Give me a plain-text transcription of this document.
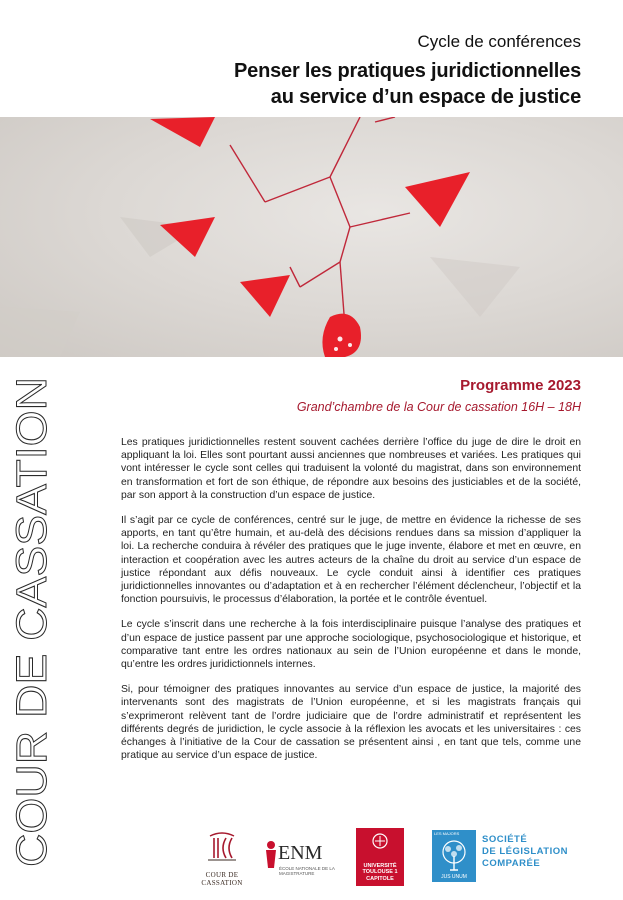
Cycle de conférences

Penser les pratiques juridictionnelles

au service d’un espace de justice

COUR DE CASSATION

Programme 2023

Grand’chambre de la Cour de cassation 16H – 18H

Les pratiques juridictionnelles restent souvent cachées derrière l’office du juge de dire le droit en appliquant la loi. Elles sont pourtant aussi anciennes que nombreuses et variées. Les pratiques qui vont intéresser le cycle sont celles qui traduisent la volonté du magistrat, dans son environnement en transformation et fort de son éthique, de répondre aux besoins des justiciables et de la société, par son apport à la construction d’un espace de justice.

Il s’agit par ce cycle de conférences, centré sur le juge, de mettre en évidence la richesse de ses apports, en tant qu’être humain, et au-delà des décisions rendues dans sa mission d’appliquer la loi. La recherche conduira à révéler des pratiques que le juge invente, élabore et met en œuvre, en interaction et coopération avec les autres acteurs de la chaîne du droit au service d’un espace de justice répondant aux défis nouveaux. Le cycle conduit ainsi à identifier ces pratiques juridictionnelles innovantes ou d’adaptation et à en rechercher l’élément déclencheur, l’objectif et la fonction poursuivis, le processus d’élaboration, la portée et le contrôle éventuel.

Le cycle s’inscrit dans une recherche à la fois interdisciplinaire puisque l’analyse des pratiques et d’un espace de justice passent par une approche sociologique, psychosociologique et historique, et comparative tant entre les ordres nationaux au sein de l’Union européenne et dans le monde, qu’entre les ordres juridictionnels internes.

Si, pour témoigner des pratiques innovantes au service d’un espace de justice, la majorité des intervenants sont des magistrats de l’Union européenne, et si les magistrats français qui s’exprimeront relèvent tant de l’ordre judiciaire que de l’ordre administratif et représentent les différents degrés de juridiction, le cycle associe à la réflexion les avocats et les universitaires : ces échanges à l’initiative de la Cour de cassation se présentent ainsi , en tant que tels, comme une pratique au service d’un espace de justice.

COUR DE CASSATION
ENM
ÉCOLE NATIONALE DE LA MAGISTRATURE
UNIVERSITÉ
TOULOUSE 1
CAPITOLE
LES MAJORS
JUS UNUM
SOCIÉTÉ
DE LÉGISLATION
COMPARÉE
